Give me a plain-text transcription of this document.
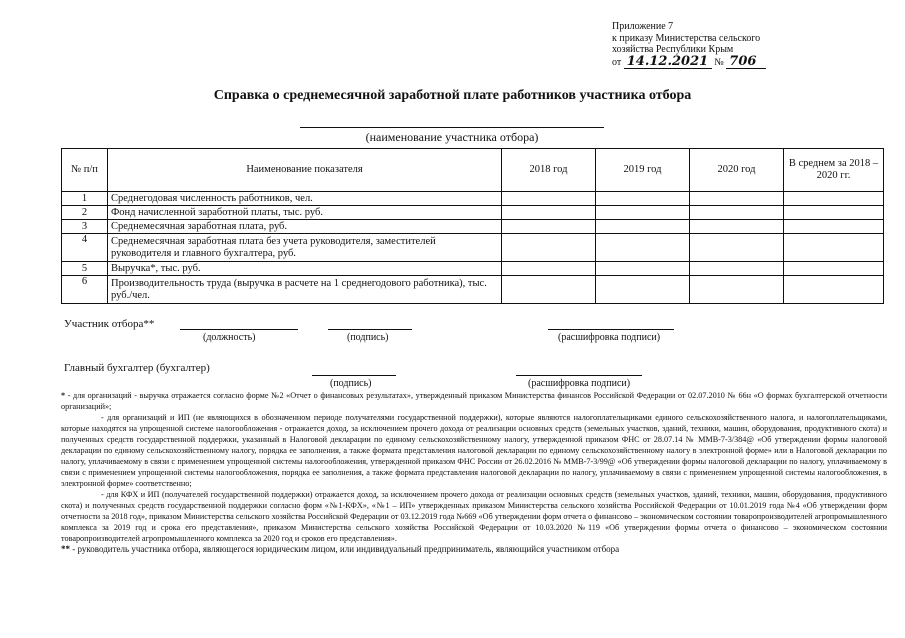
Приложение 7
к приказу Министерства сельского
хозяйства Республики Крым
от 14.12.2021 № 706
Справка о среднемесячной заработной плате работников участника отбора
(наименование участника отбора)
№ п/п	Наименование показателя	2018 год	2019 год	2020 год	В среднем за 2018 – 2020 гг.
1	Среднегодовая численность работников, чел.				
2	Фонд начисленной заработной платы, тыс. руб.				
3	Среднемесячная заработная плата, руб.				
4	Среднемесячная заработная плата без учета руководителя, заместителей руководителя и главного бухгалтера, руб.				
5	Выручка*, тыс. руб.				
6	Производительность труда (выручка в расчете на 1 среднегодового работника), тыс. руб./чел.				
Участник отбора**
(должность)	(подпись)	(расшифровка подписи)
Главный бухгалтер (бухгалтер)
(подпись)	(расшифровка подписи)

* - для организаций - выручка отражается согласно форме №2 «Отчет о финансовых результатах», утвержденный приказом Министерства финансов Российской Федерации от 02.07.2010 № 66н «О формах бухгалтерской отчетности организаций»;

- для организаций и ИП (не являющихся в обозначенном периоде получателями государственной поддержки), которые являются налогоплательщиками единого сельскохозяйственного налога, и налогоплательщиками, которые находятся на упрощенной системе налогообложения - отражается доход, за исключением прочего дохода от реализации основных средств (земельных участков, зданий, техники, машин, оборудования, продуктивного скота) и полученных средств государственной поддержки, указанный в Налоговой декларации по единому сельскохозяйственному налогу, утвержденной приказом ФНС от 28.07.14 № ММВ-7-3/384@ «Об утверждении формы налоговой декларации по единому сельскохозяйственному налогу, порядка ее заполнения, а также формата представления налоговой декларации по единому сельскохозяйственному налогу в электронной форме» или в Налоговой декларации по налогу, уплачиваемому в связи с применением упрощенной системы налогообложения, утвержденной приказом ФНС России от 26.02.2016 № ММВ-7-3/99@ «Об утверждении формы налоговой декларации по налогу, уплачиваемому в связи с применением упрощенной системы налогообложения, порядка ее заполнения, а также формата представления налоговой декларации по налогу, уплачиваемому в связи с применением упрощенной системы налогообложения, в электронной форме» соответственно;

- для КФХ и ИП (получателей государственной поддержки) отражается доход, за исключением прочего дохода от реализации основных средств (земельных участков, зданий, техники, машин, оборудования, продуктивного скота) и полученных средств государственной поддержки согласно форм «№1-КФХ», «№1 – ИП» утвержденных приказом Министерства сельского хозяйства Российской Федерации от 10.01.2019 года №4 «Об утверждении форм отчетности за 2018 год», приказом Министерства сельского хозяйства Российской Федерации от 03.12.2019 года №669 «Об утверждении форм отчета о финансово – экономическом состоянии товаропроизводителей агропромышленного комплекса за 2019 год и срока его представления», приказом Министерства сельского хозяйства Российской Федерации от 10.03.2020 №119 «Об утверждении формы отчета о финансово – экономическом состоянии товаропроизводителей агропромышленного комплекса за 2020 год и сроков его представления».

** - руководитель участника отбора, являющегося юридическим лицом, или индивидуальный предприниматель, являющийся участником отбора
